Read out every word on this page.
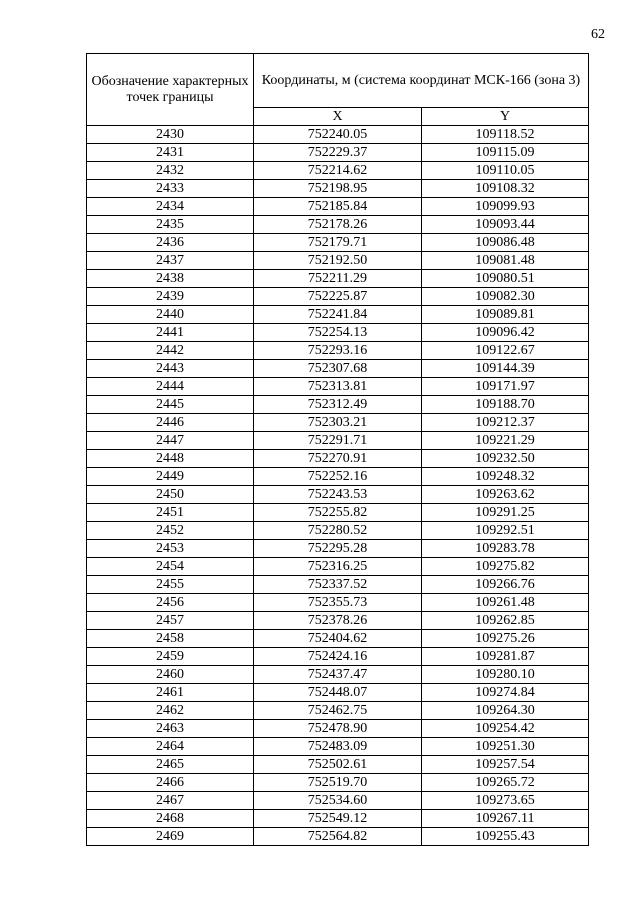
62
Обозначение характерных точек границы	Координаты, м (система координат МСК-166 (зона 3)	
	X	Y
2430	752240.05	109118.52
2431	752229.37	109115.09
2432	752214.62	109110.05
2433	752198.95	109108.32
2434	752185.84	109099.93
2435	752178.26	109093.44
2436	752179.71	109086.48
2437	752192.50	109081.48
2438	752211.29	109080.51
2439	752225.87	109082.30
2440	752241.84	109089.81
2441	752254.13	109096.42
2442	752293.16	109122.67
2443	752307.68	109144.39
2444	752313.81	109171.97
2445	752312.49	109188.70
2446	752303.21	109212.37
2447	752291.71	109221.29
2448	752270.91	109232.50
2449	752252.16	109248.32
2450	752243.53	109263.62
2451	752255.82	109291.25
2452	752280.52	109292.51
2453	752295.28	109283.78
2454	752316.25	109275.82
2455	752337.52	109266.76
2456	752355.73	109261.48
2457	752378.26	109262.85
2458	752404.62	109275.26
2459	752424.16	109281.87
2460	752437.47	109280.10
2461	752448.07	109274.84
2462	752462.75	109264.30
2463	752478.90	109254.42
2464	752483.09	109251.30
2465	752502.61	109257.54
2466	752519.70	109265.72
2467	752534.60	109273.65
2468	752549.12	109267.11
2469	752564.82	109255.43
